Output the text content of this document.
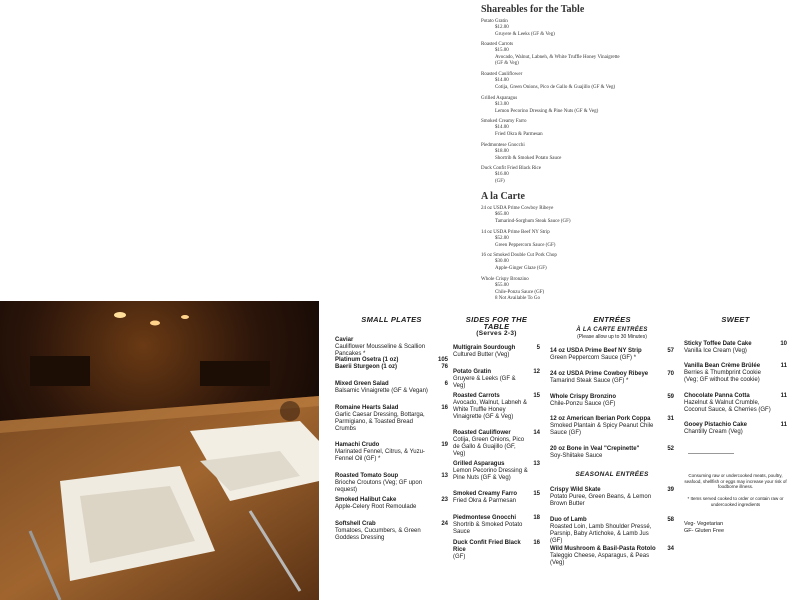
Shareables for the Table
Potato Gratin
$12.00
Gruyere & Leeks (GF & Veg)
Roasted Carrots
$15.00
Avocado, Walnut, Labneh, & White Truffle Honey Vinaigrette
(GF & Veg)
Roasted Cauliflower
$14.00
Cotija, Green Onions, Pico de Gallo & Guajillo (GF & Veg)
Grilled Asparagus
$13.00
Lemon Pecorino Dressing & Pine Nuts (GF & Veg)
Smoked Creamy Farro
$14.00
Fried Okra & Parmesan
Piedmontese Gnocchi
$18.00
Shortrib & Smoked Potato Sauce
Duck Confit Fried Black Rice
$16.00
(GF)
A la Carte
24 oz USDA Prime Cowboy Ribeye
$65.00
Tamarind-Sorghum Steak Sauce (GF)
14 oz USDA Prime Beef NY Strip
$52.00
Green Peppercorn Sauce (GF)
16 oz Smoked Double Cut Pork Chop
$30.00
Apple-Ginger Glaze (GF)
Whole Crispy Bronzino
$55.00
Chile-Ponzu Sauce (GF)
8 Not Available To Go
SMALL PLATES
Caviar
Cauliflower Mousseline & Scallion Pancakes *
Platinum Osetra (1 oz)	105
Baerii Sturgeon (1 oz)	76
Mixed Green Salad
Balsamic Vinaigrette (GF & Vegan)
6
Romaine Hearts Salad
Garlic Caesar Dressing, Bottarga, Parmigiano, & Toasted Bread Crumbs
16
Hamachi Crudo
Marinated Fennel, Citrus, & Yuzu-Fennel Oil (GF) *
19
Roasted Tomato Soup
Brioche Croutons (Veg; GF upon request)
13
Smoked Halibut Cake
Apple-Celery Root Remoulade
23
Softshell Crab
Tomatoes, Cucumbers, & Green Goddess Dressing
24
SIDES FOR THE TABLE
(Serves 2-3)
Multigrain Sourdough
Cultured Butter (Veg)
5
Potato Gratin
Gruyere & Leeks (GF & Veg)
12
Roasted Carrots
Avocado, Walnut, Labneh & White Truffle Honey Vinaigrette (GF & Veg)
15
Roasted Cauliflower
Cotija, Green Onions, Pico de Gallo & Guajillo (GF, Veg)
14
Grilled Asparagus
Lemon Pecorino Dressing & Pine Nuts (GF & Veg)
13
Smoked Creamy Farro
Fried Okra & Parmesan
15
Piedmontese Gnocchi
Shortrib & Smoked Potato Sauce
18
Duck Confit Fried Black Rice
(GF)
16
ENTRÉES
À LA CARTE ENTRÉES
(Please allow up to 30 Minutes)
14 oz USDA Prime Beef NY Strip
Green Peppercorn Sauce (GF) *
57
24 oz USDA Prime Cowboy Ribeye
Tamarind Steak Sauce (GF) *
70
Whole Crispy Bronzino
Chile-Ponzu Sauce (GF)
59
12 oz American Iberian Pork Coppa
Smoked Plantain & Spicy Peanut Chile Sauce (GF)
31
20 oz Bone in Veal "Crepinette"
Soy-Shiitake Sauce
52
SEASONAL ENTRÉES
Crispy Wild Skate
Potato Puree, Green Beans, & Lemon Brown Butter
39
Duo of Lamb
Roasted Loin, Lamb Shoulder Pressé, Parsnip, Baby Artichoke, & Lamb Jus (GF)
58
Wild Mushroom & Basil-Pasta Rotolo
Taleggio Cheese, Asparagus, & Peas (Veg)
34
SWEET
Sticky Toffee Date Cake
Vanilla Ice Cream (Veg)
10
Vanilla Bean Crème Brûlée
Berries & Thumbprint Cookie (Veg; GF without the cookie)
11
Chocolate Panna Cotta
Hazelnut & Walnut Crumble, Coconut Sauce, & Cherries (GF)
11
Gooey Pistachio Cake
Chantilly Cream (Veg)
11
Consuming raw or undercooked meats, poultry, seafood, shellfish or eggs may increase your risk of foodborne illness.
* Items served cooked to order or contain raw or undercooked ingredients
Veg- Vegetarian
GF- Gluten Free
